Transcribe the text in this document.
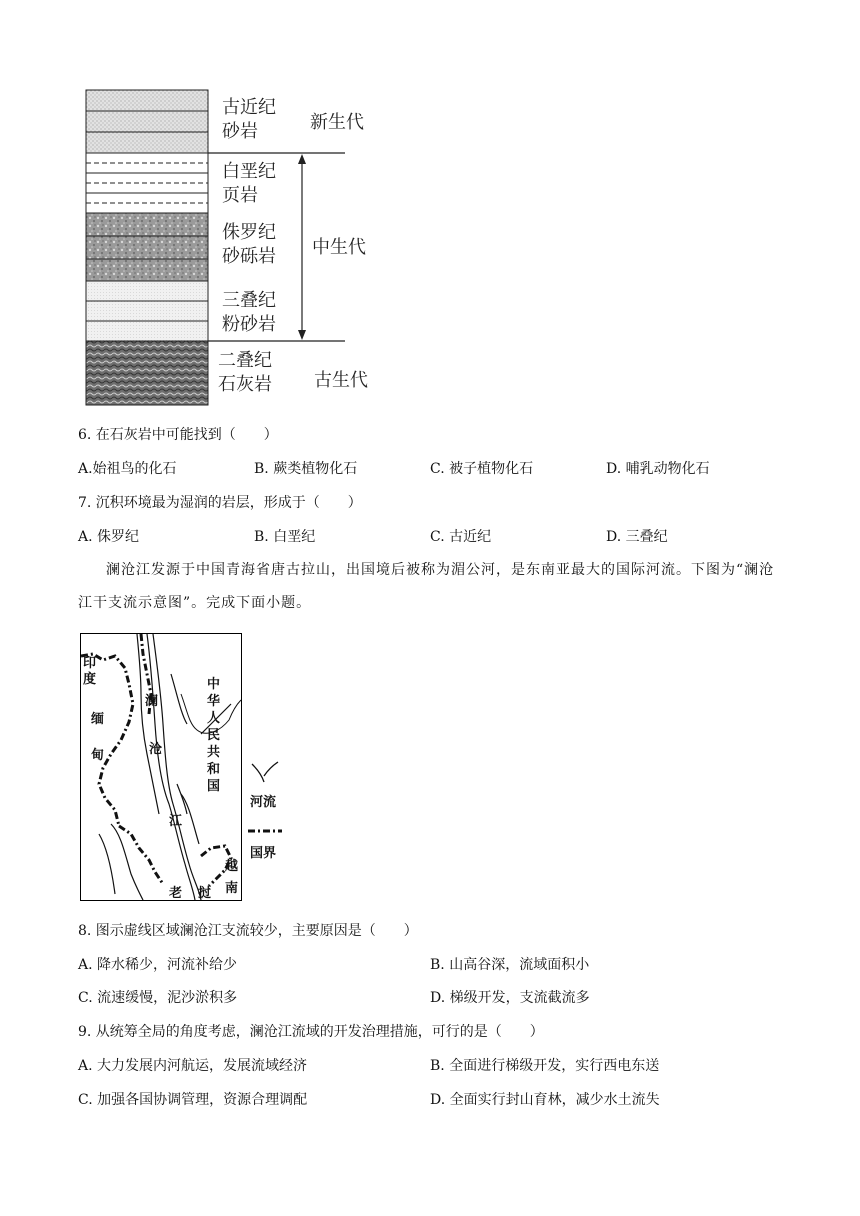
古近纪
砂岩
白垩纪
页岩
侏罗纪
砂砾岩
三叠纪
粉砂岩
二叠纪
石灰岩
新生代
中生代
古生代
6. 在石灰岩中可能找到（　　）
A.始祖鸟的化石	B. 蕨类植物化石	C. 被子植物化石	D. 哺乳动物化石
7. 沉积环境最为湿润的岩层，形成于（　　）
A. 侏罗纪	B. 白垩纪	C. 古近纪	D. 三叠纪
澜沧江发源于中国青海省唐古拉山，出国境后被称为湄公河，是东南亚最大的国际河流。下图为“澜沧
江干支流示意图”。完成下面小题。
印
度
缅
甸
中
华
人
民
共
和
国
澜
沧
江
老 挝
越
南
河流
国界
8. 图示虚线区域澜沧江支流较少，主要原因是（　　）
A. 降水稀少，河流补给少	B. 山高谷深，流域面积小
C. 流速缓慢，泥沙淤积多	D. 梯级开发，支流截流多
9. 从统筹全局的角度考虑，澜沧江流域的开发治理措施，可行的是（　　）
A. 大力发展内河航运，发展流域经济	B. 全面进行梯级开发，实行西电东送
C. 加强各国协调管理，资源合理调配	D. 全面实行封山育林，减少水土流失
